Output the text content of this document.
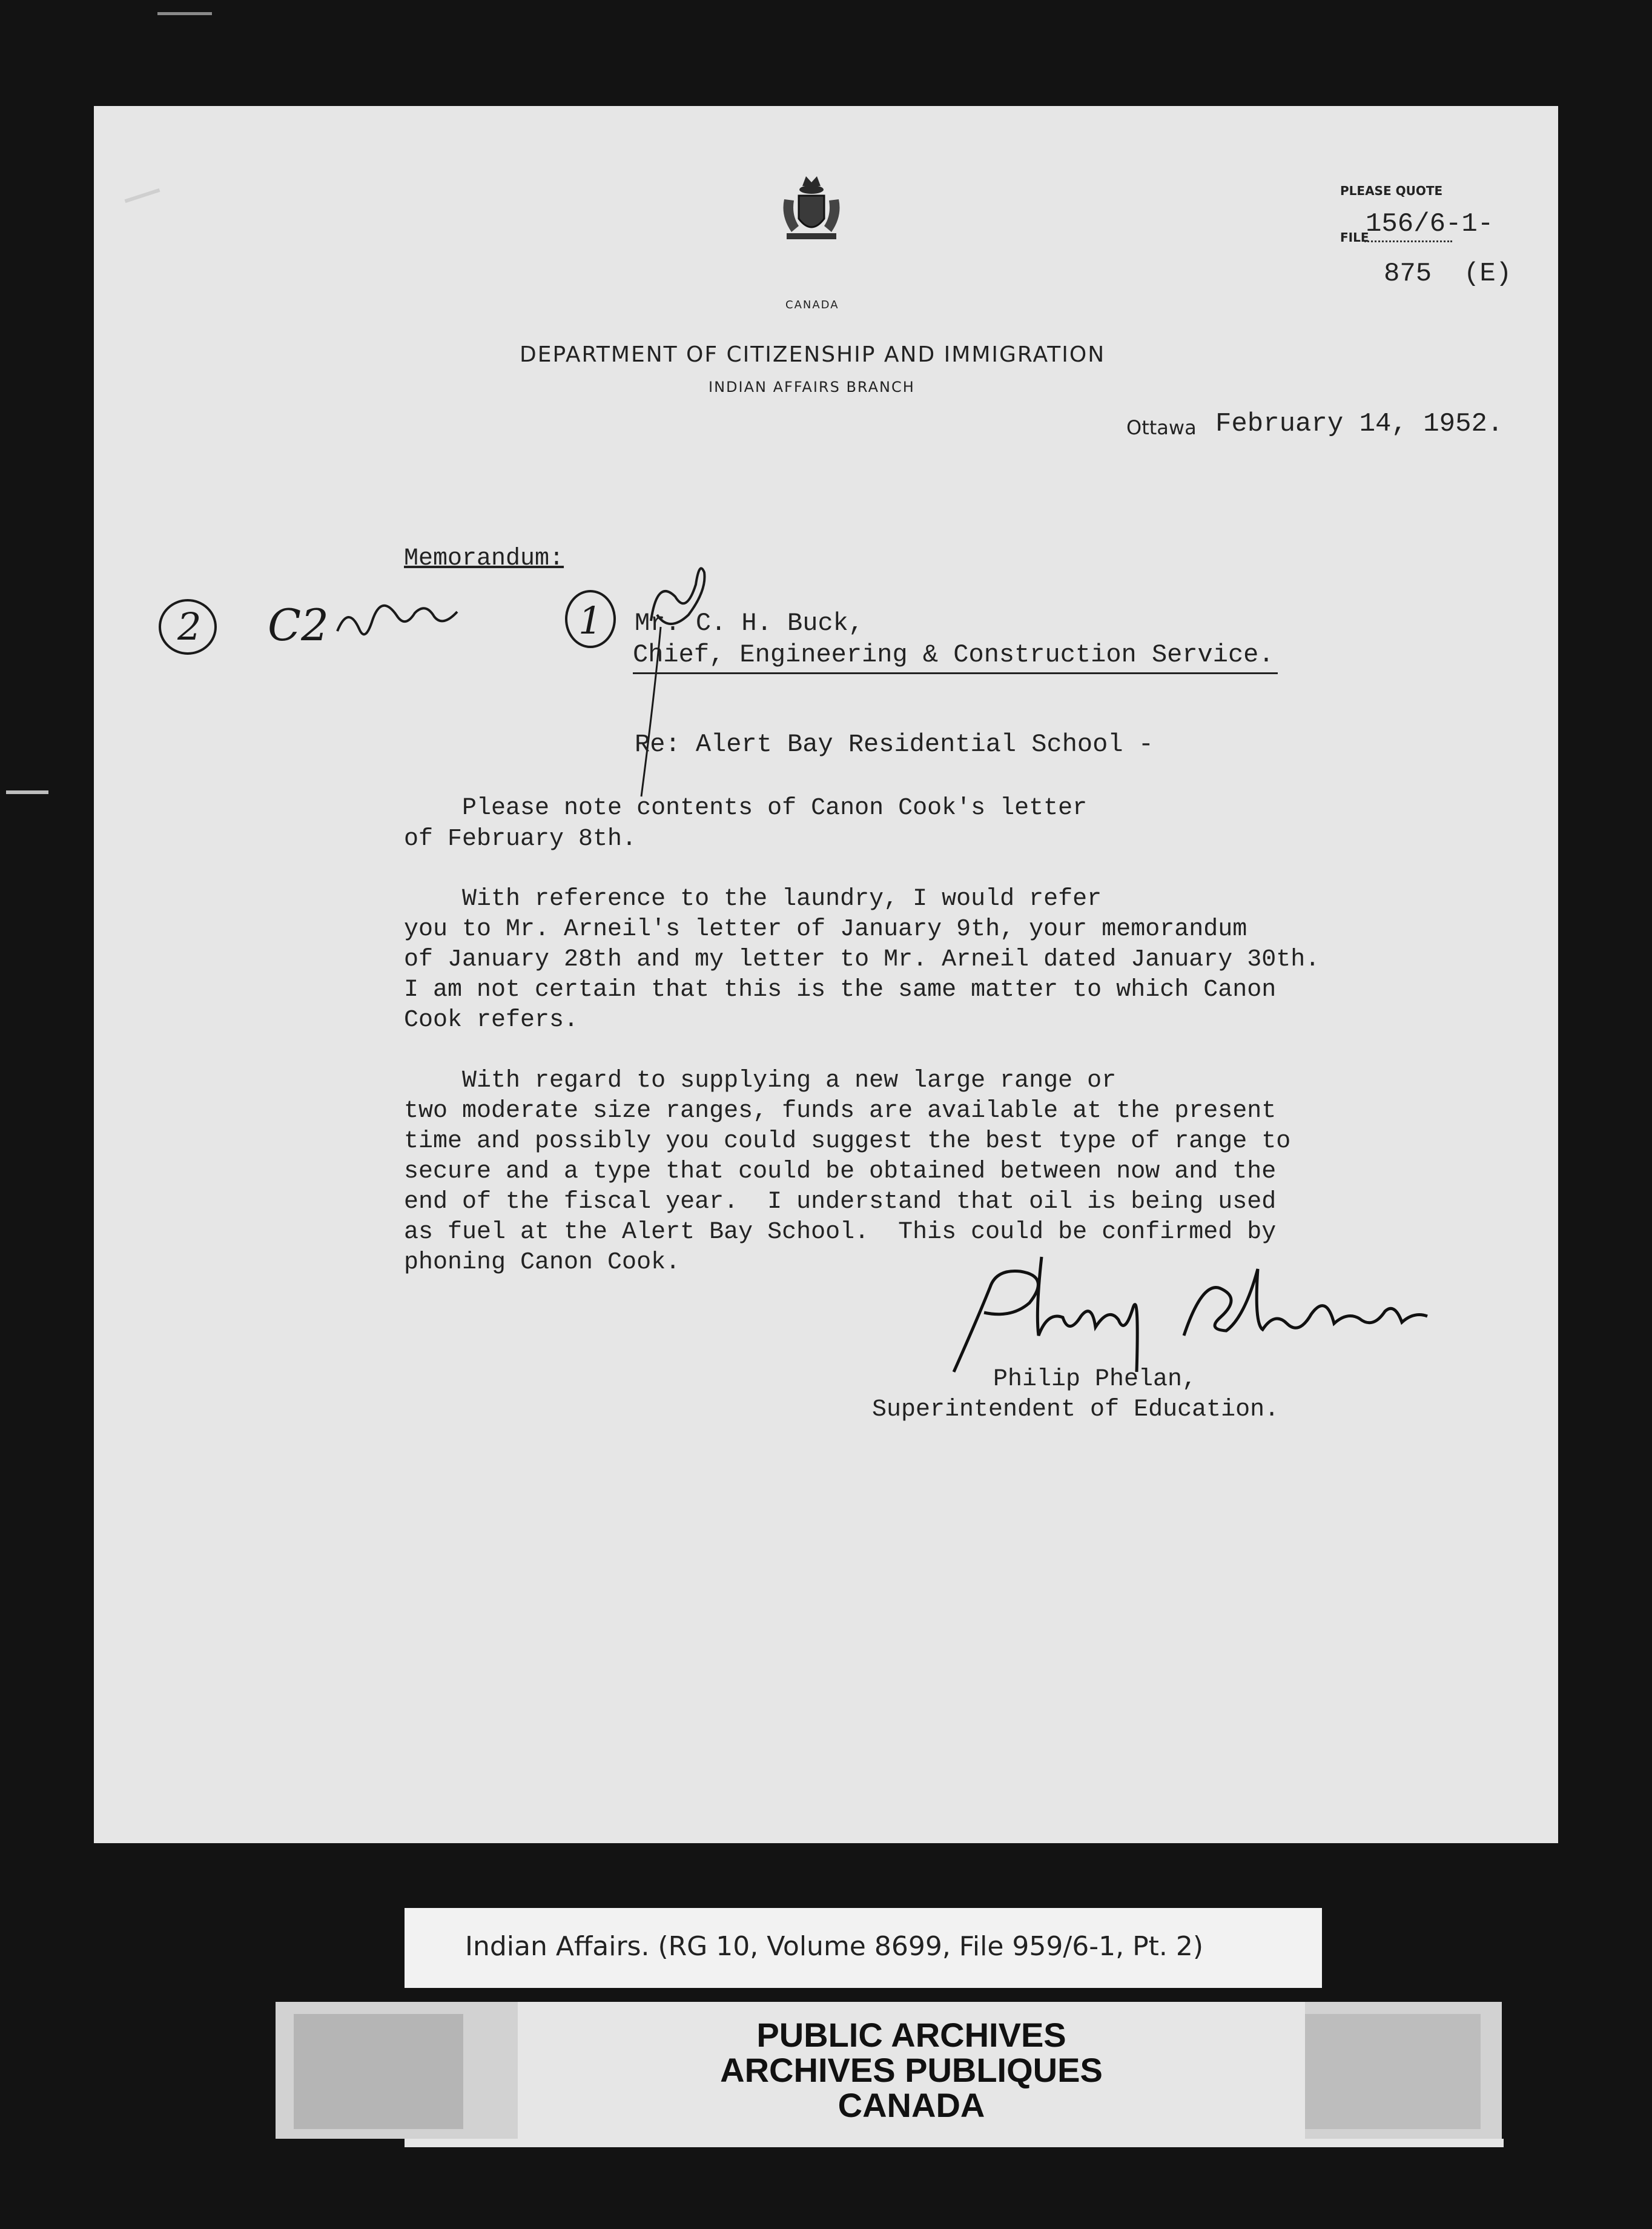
CANADA
DEPARTMENT OF CITIZENSHIP AND IMMIGRATION
INDIAN AFFAIRS BRANCH
PLEASE QUOTE
FILE
156/6-1-
875  (E)
Ottawa February 14, 1952.
Memorandum:
2 C2	1 Mr. C. H. Buck,
Chief, Engineering & Construction Service.
Re: Alert Bay Residential School -
Please note contents of Canon Cook's letter
of February 8th.
With reference to the laundry, I would refer
you to Mr. Arneil's letter of January 9th, your memorandum
of January 28th and my letter to Mr. Arneil dated January 30th.
I am not certain that this is the same matter to which Canon
Cook refers.
With regard to supplying a new large range or
two moderate size ranges, funds are available at the present
time and possibly you could suggest the best type of range to
secure and a type that could be obtained between now and the
end of the fiscal year.  I understand that oil is being used
as fuel at the Alert Bay School.  This could be confirmed by
phoning Canon Cook.
Philip Phelan,
Superintendent of Education.
Indian Affairs. (RG 10, Volume 8699, File 959/6-1, Pt. 2)
PUBLIC ARCHIVES
ARCHIVES PUBLIQUES
CANADA
